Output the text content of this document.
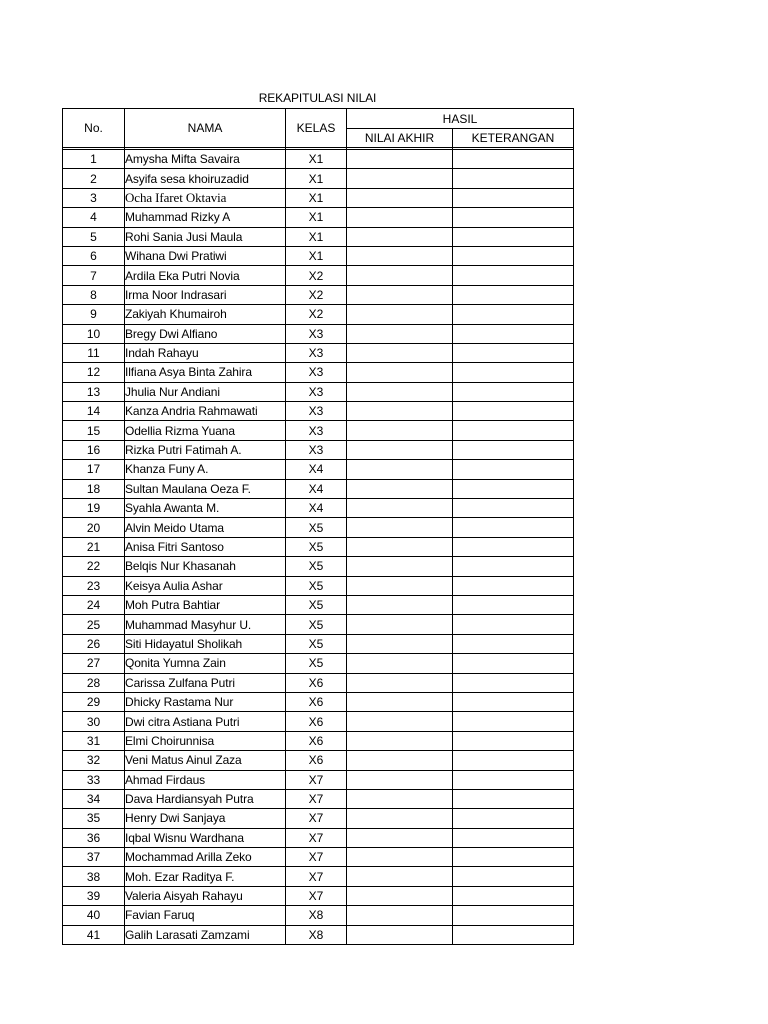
REKAPITULASI NILAI
No.	NAMA	KELAS	HASIL	
			NILAI AKHIR	KETERANGAN

1	Amysha Mifta Savaira	X1		
2	Asyifa sesa khoiruzadid	X1		
3	Ocha Ifaret Oktavia	X1		
4	Muhammad Rizky A	X1		
5	Rohi Sania Jusi Maula	X1		
6	Wihana Dwi Pratiwi	X1		
7	Ardila Eka Putri Novia	X2		
8	Irma Noor Indrasari	X2		
9	Zakiyah Khumairoh	X2		
10	Bregy Dwi Alfiano	X3		
11	Indah Rahayu	X3		
12	Ilfiana Asya Binta Zahira	X3		
13	Jhulia Nur Andiani	X3		
14	Kanza Andria Rahmawati	X3		
15	Odellia Rizma Yuana	X3		
16	Rizka Putri Fatimah A.	X3		
17	Khanza Funy A.	X4		
18	Sultan Maulana Oeza F.	X4		
19	Syahla Awanta M.	X4		
20	Alvin Meido Utama	X5		
21	Anisa Fitri Santoso	X5		
22	Belqis Nur Khasanah	X5		
23	Keisya Aulia Ashar	X5		
24	Moh Putra Bahtiar	X5		
25	Muhammad Masyhur U.	X5		
26	Siti Hidayatul Sholikah	X5		
27	Qonita Yumna Zain	X5		
28	Carissa Zulfana Putri	X6		
29	Dhicky Rastama Nur	X6		
30	Dwi citra Astiana Putri	X6		
31	Elmi Choirunnisa	X6		
32	Veni Matus Ainul Zaza	X6		
33	Ahmad Firdaus	X7		
34	Dava Hardiansyah Putra	X7		
35	Henry Dwi Sanjaya	X7		
36	Iqbal Wisnu Wardhana	X7		
37	Mochammad Arilla Zeko	X7		
38	Moh. Ezar Raditya F.	X7		
39	Valeria Aisyah Rahayu	X7		
40	Favian Faruq	X8		
41	Galih Larasati Zamzami	X8		
